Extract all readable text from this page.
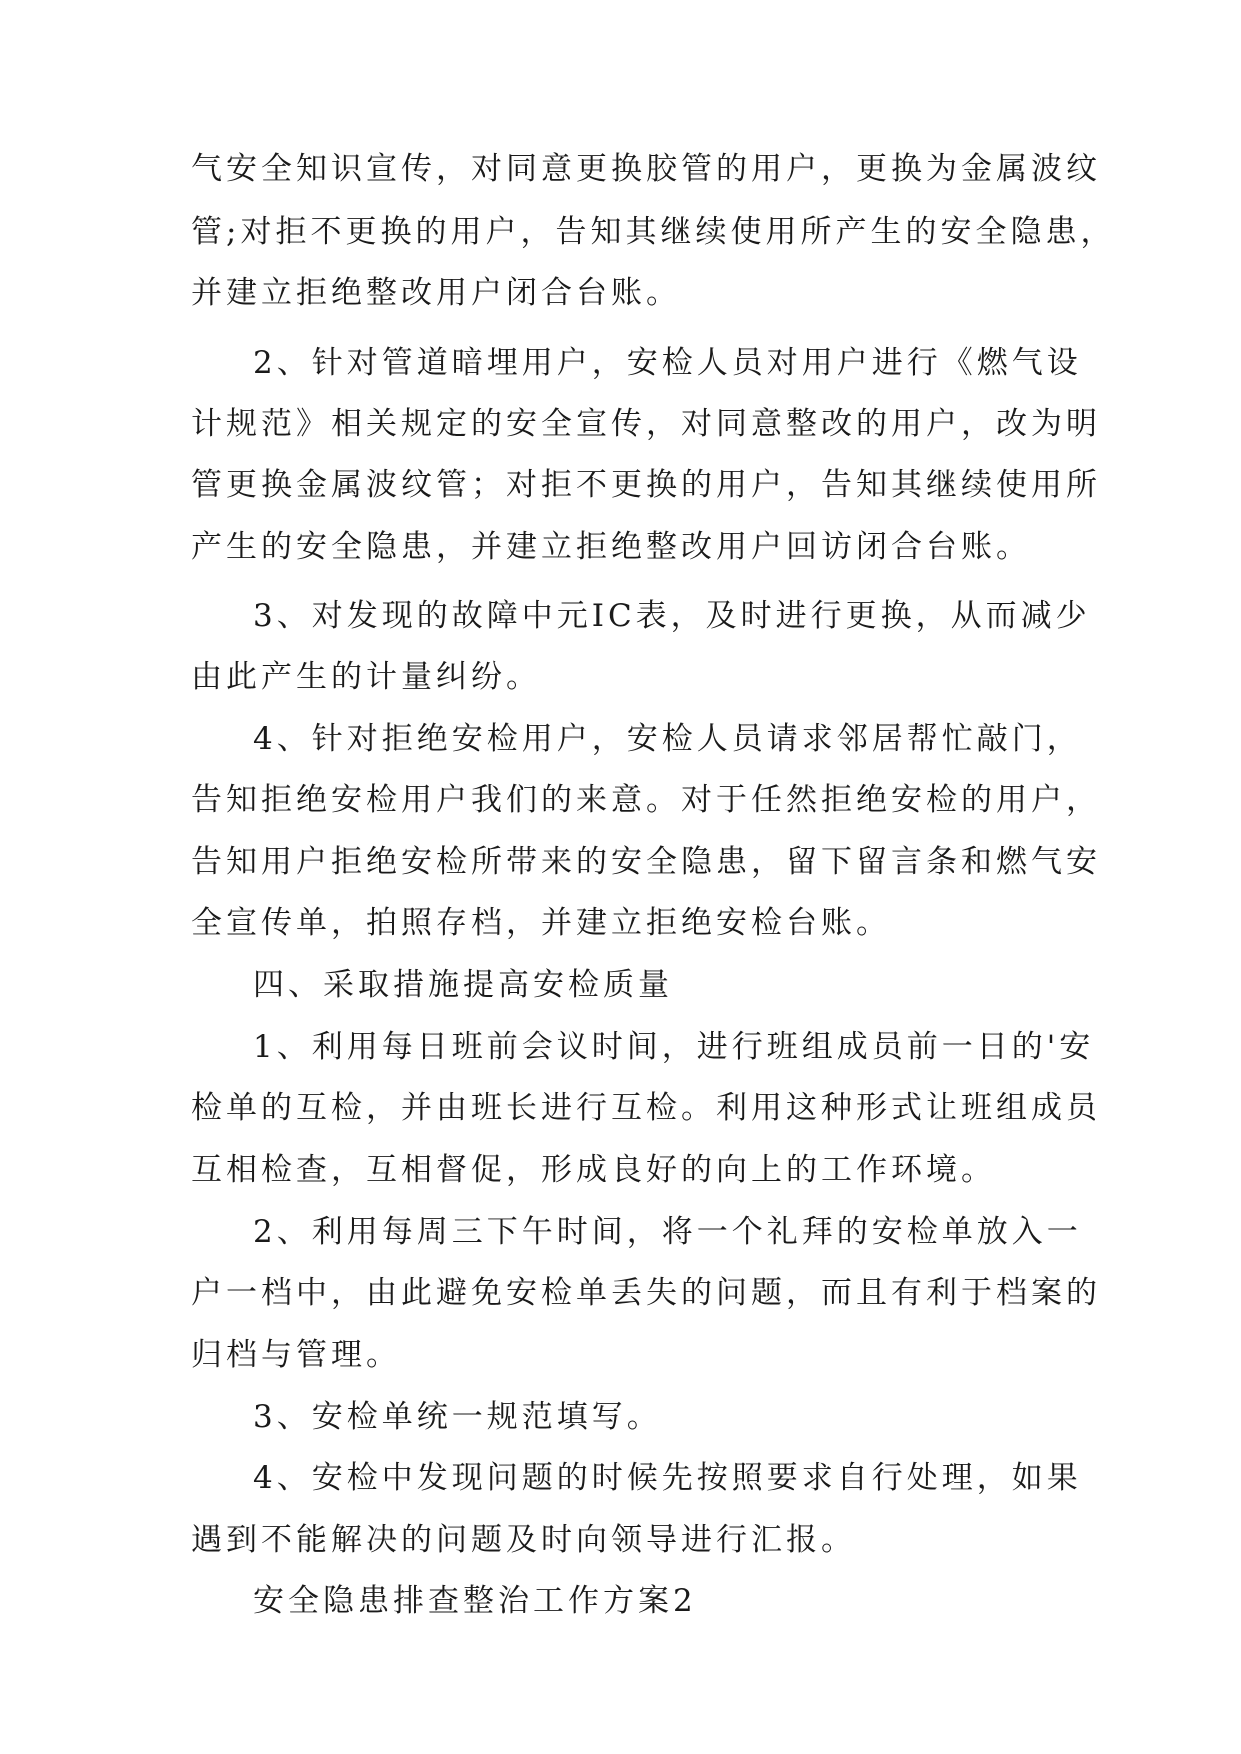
气安全知识宣传，对同意更换胶管的用户，更换为金属波纹
管;对拒不更换的用户，告知其继续使用所产生的安全隐患，
并建立拒绝整改用户闭合台账。
2、针对管道暗埋用户，安检人员对用户进行《燃气设
计规范》相关规定的安全宣传，对同意整改的用户，改为明
管更换金属波纹管；对拒不更换的用户，告知其继续使用所
产生的安全隐患，并建立拒绝整改用户回访闭合台账。
3、对发现的故障中元IC表，及时进行更换，从而减少
由此产生的计量纠纷。
4、针对拒绝安检用户，安检人员请求邻居帮忙敲门，
告知拒绝安检用户我们的来意。对于任然拒绝安检的用户，
告知用户拒绝安检所带来的安全隐患，留下留言条和燃气安
全宣传单，拍照存档，并建立拒绝安检台账。
四、采取措施提高安检质量
1、利用每日班前会议时间，进行班组成员前一日的'安
检单的互检，并由班长进行互检。利用这种形式让班组成员
互相检查，互相督促，形成良好的向上的工作环境。
2、利用每周三下午时间，将一个礼拜的安检单放入一
户一档中，由此避免安检单丢失的问题，而且有利于档案的
归档与管理。
3、安检单统一规范填写。
4、安检中发现问题的时候先按照要求自行处理，如果
遇到不能解决的问题及时向领导进行汇报。
安全隐患排查整治工作方案2
